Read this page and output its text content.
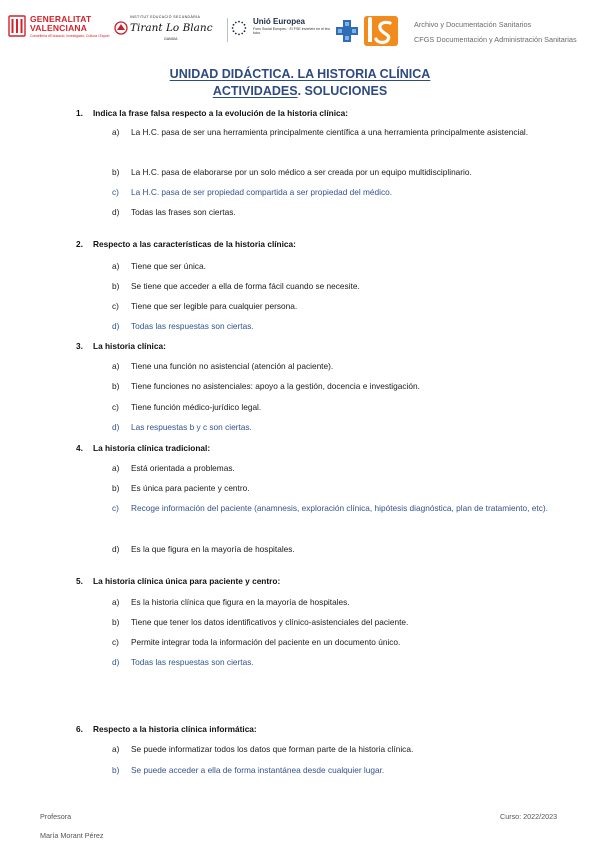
GENERALITAT
VALENCIANA
Conselleria d'Educació, Investigació, Cultura i Esport
INSTITUT EDUCACIÓ SECUNDÀRIA
Tirant Lo Blanc
GANDIA
Unió Europea
Fons Social Europeu · El FSE inverteix en el teu futur
Archivo y Documentación Sanitarios
CFGS Documentación y Administración Sanitarias
UNIDAD DIDÁCTICA. LA HISTORIA CLÍNICA
ACTIVIDADES. SOLUCIONES
1. Indica la frase falsa respecto a la evolución de la historia clínica:
a) La H.C. pasa de ser una herramienta principalmente científica a una herramienta principalmente asistencial.
b) La H.C. pasa de elaborarse por un solo médico a ser creada por un equipo multidisciplinario.
c) La H.C. pasa de ser propiedad compartida a ser propiedad del médico.
d) Todas las frases son ciertas.
2. Respecto a las características de la historia clínica:
a) Tiene que ser única.
b) Se tiene que acceder a ella de forma fácil cuando se necesite.
c) Tiene que ser legible para cualquier persona.
d) Todas las respuestas son ciertas.
3. La historia clínica:
a) Tiene una función no asistencial (atención al paciente).
b) Tiene funciones no asistenciales: apoyo a la gestión, docencia e investigación.
c) Tiene función médico-jurídico legal.
d) Las respuestas b y c son ciertas.
4. La historia clínica tradicional:
a) Está orientada a problemas.
b) Es única para paciente y centro.
c) Recoge información del paciente (anamnesis, exploración clínica, hipótesis diagnóstica, plan de tratamiento, etc).
d) Es la que figura en la mayoría de hospitales.
5. La historia clínica única para paciente y centro:
a) Es la historia clínica que figura en la mayoría de hospitales.
b) Tiene que tener los datos identificativos y clínico-asistenciales del paciente.
c) Permite integrar toda la información del paciente en un documento único.
d) Todas las respuestas son ciertas.
6. Respecto a la historia clínica informática:
a) Se puede informatizar todos los datos que forman parte de la historia clínica.
b) Se puede acceder a ella de forma instantánea desde cualquier lugar.
Profesora
María Morant Pérez
Curso: 2022/2023
